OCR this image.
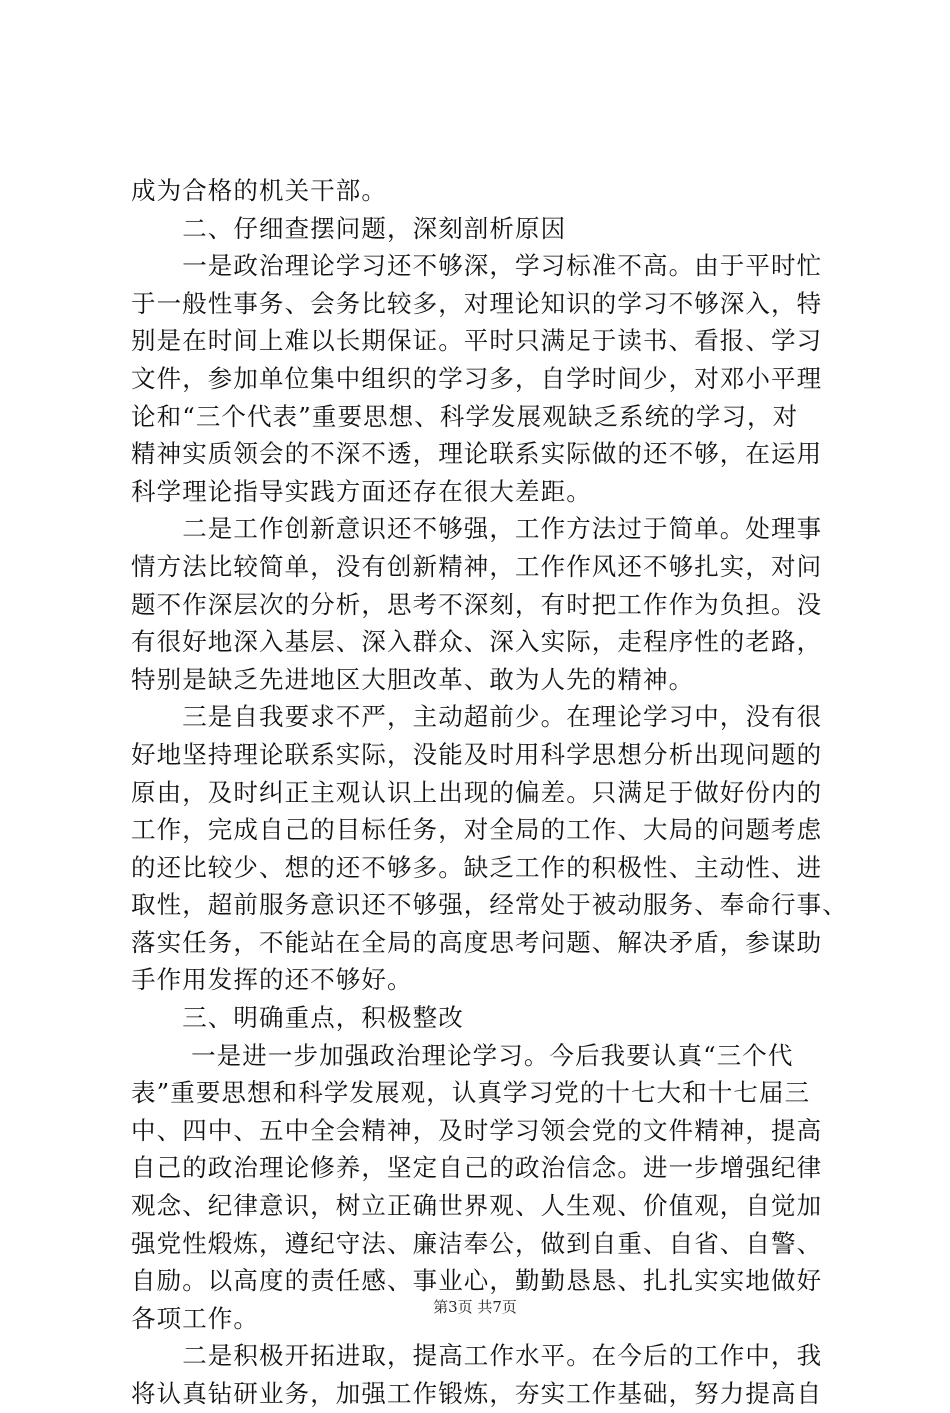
成为合格的机关干部。
　　二、仔细查摆问题，深刻剖析原因
　　一是政治理论学习还不够深，学习标准不高。由于平时忙
于一般性事务、会务比较多，对理论知识的学习不够深入，特
别是在时间上难以长期保证。平时只满足于读书、看报、学习
文件，参加单位集中组织的学习多，自学时间少，对邓小平理
论和“三个代表”重要思想、科学发展观缺乏系统的学习，对
精神实质领会的不深不透，理论联系实际做的还不够，在运用
科学理论指导实践方面还存在很大差距。
　　二是工作创新意识还不够强，工作方法过于简单。处理事
情方法比较简单，没有创新精神，工作作风还不够扎实，对问
题不作深层次的分析，思考不深刻，有时把工作作为负担。没
有很好地深入基层、深入群众、深入实际，走程序性的老路，
特别是缺乏先进地区大胆改革、敢为人先的精神。
　　三是自我要求不严，主动超前少。在理论学习中，没有很
好地坚持理论联系实际，没能及时用科学思想分析出现问题的
原由，及时纠正主观认识上出现的偏差。只满足于做好份内的
工作，完成自己的目标任务，对全局的工作、大局的问题考虑
的还比较少、想的还不够多。缺乏工作的积极性、主动性、进
取性，超前服务意识还不够强，经常处于被动服务、奉命行事、
落实任务，不能站在全局的高度思考问题、解决矛盾，参谋助
手作用发挥的还不够好。
　　三、明确重点，积极整改
　　 一是进一步加强政治理论学习。今后我要认真“三个代
表”重要思想和科学发展观，认真学习党的十七大和十七届三
中、四中、五中全会精神，及时学习领会党的文件精神，提高
自己的政治理论修养，坚定自己的政治信念。进一步增强纪律
观念、纪律意识，树立正确世界观、人生观、价值观，自觉加
强党性煅炼，遵纪守法、廉洁奉公，做到自重、自省、自警、
自励。以高度的责任感、事业心，勤勤恳恳、扎扎实实地做好
各项工作。
　　二是积极开拓进取，提高工作水平。在今后的工作中，我
将认真钻研业务，加强工作锻炼，夯实工作基础，努力提高自
第3页 共7页
